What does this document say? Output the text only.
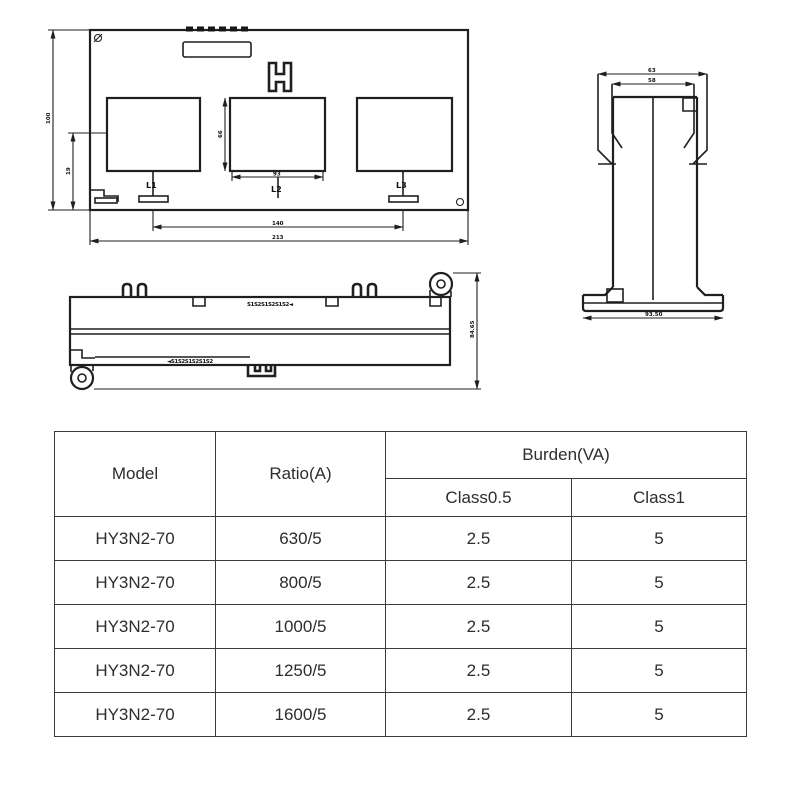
L1	L2	L3
100
19
66
93
140
213
S1S2S1S2S1S2◄
◄S1S2S1S2S1S2
84.65
63
58
93.50
Model	Ratio(A)	Burden(VA)	
		Class0.5	Class1
HY3N2-70	630/5	2.5	5
HY3N2-70	800/5	2.5	5
HY3N2-70	1000/5	2.5	5
HY3N2-70	1250/5	2.5	5
HY3N2-70	1600/5	2.5	5
